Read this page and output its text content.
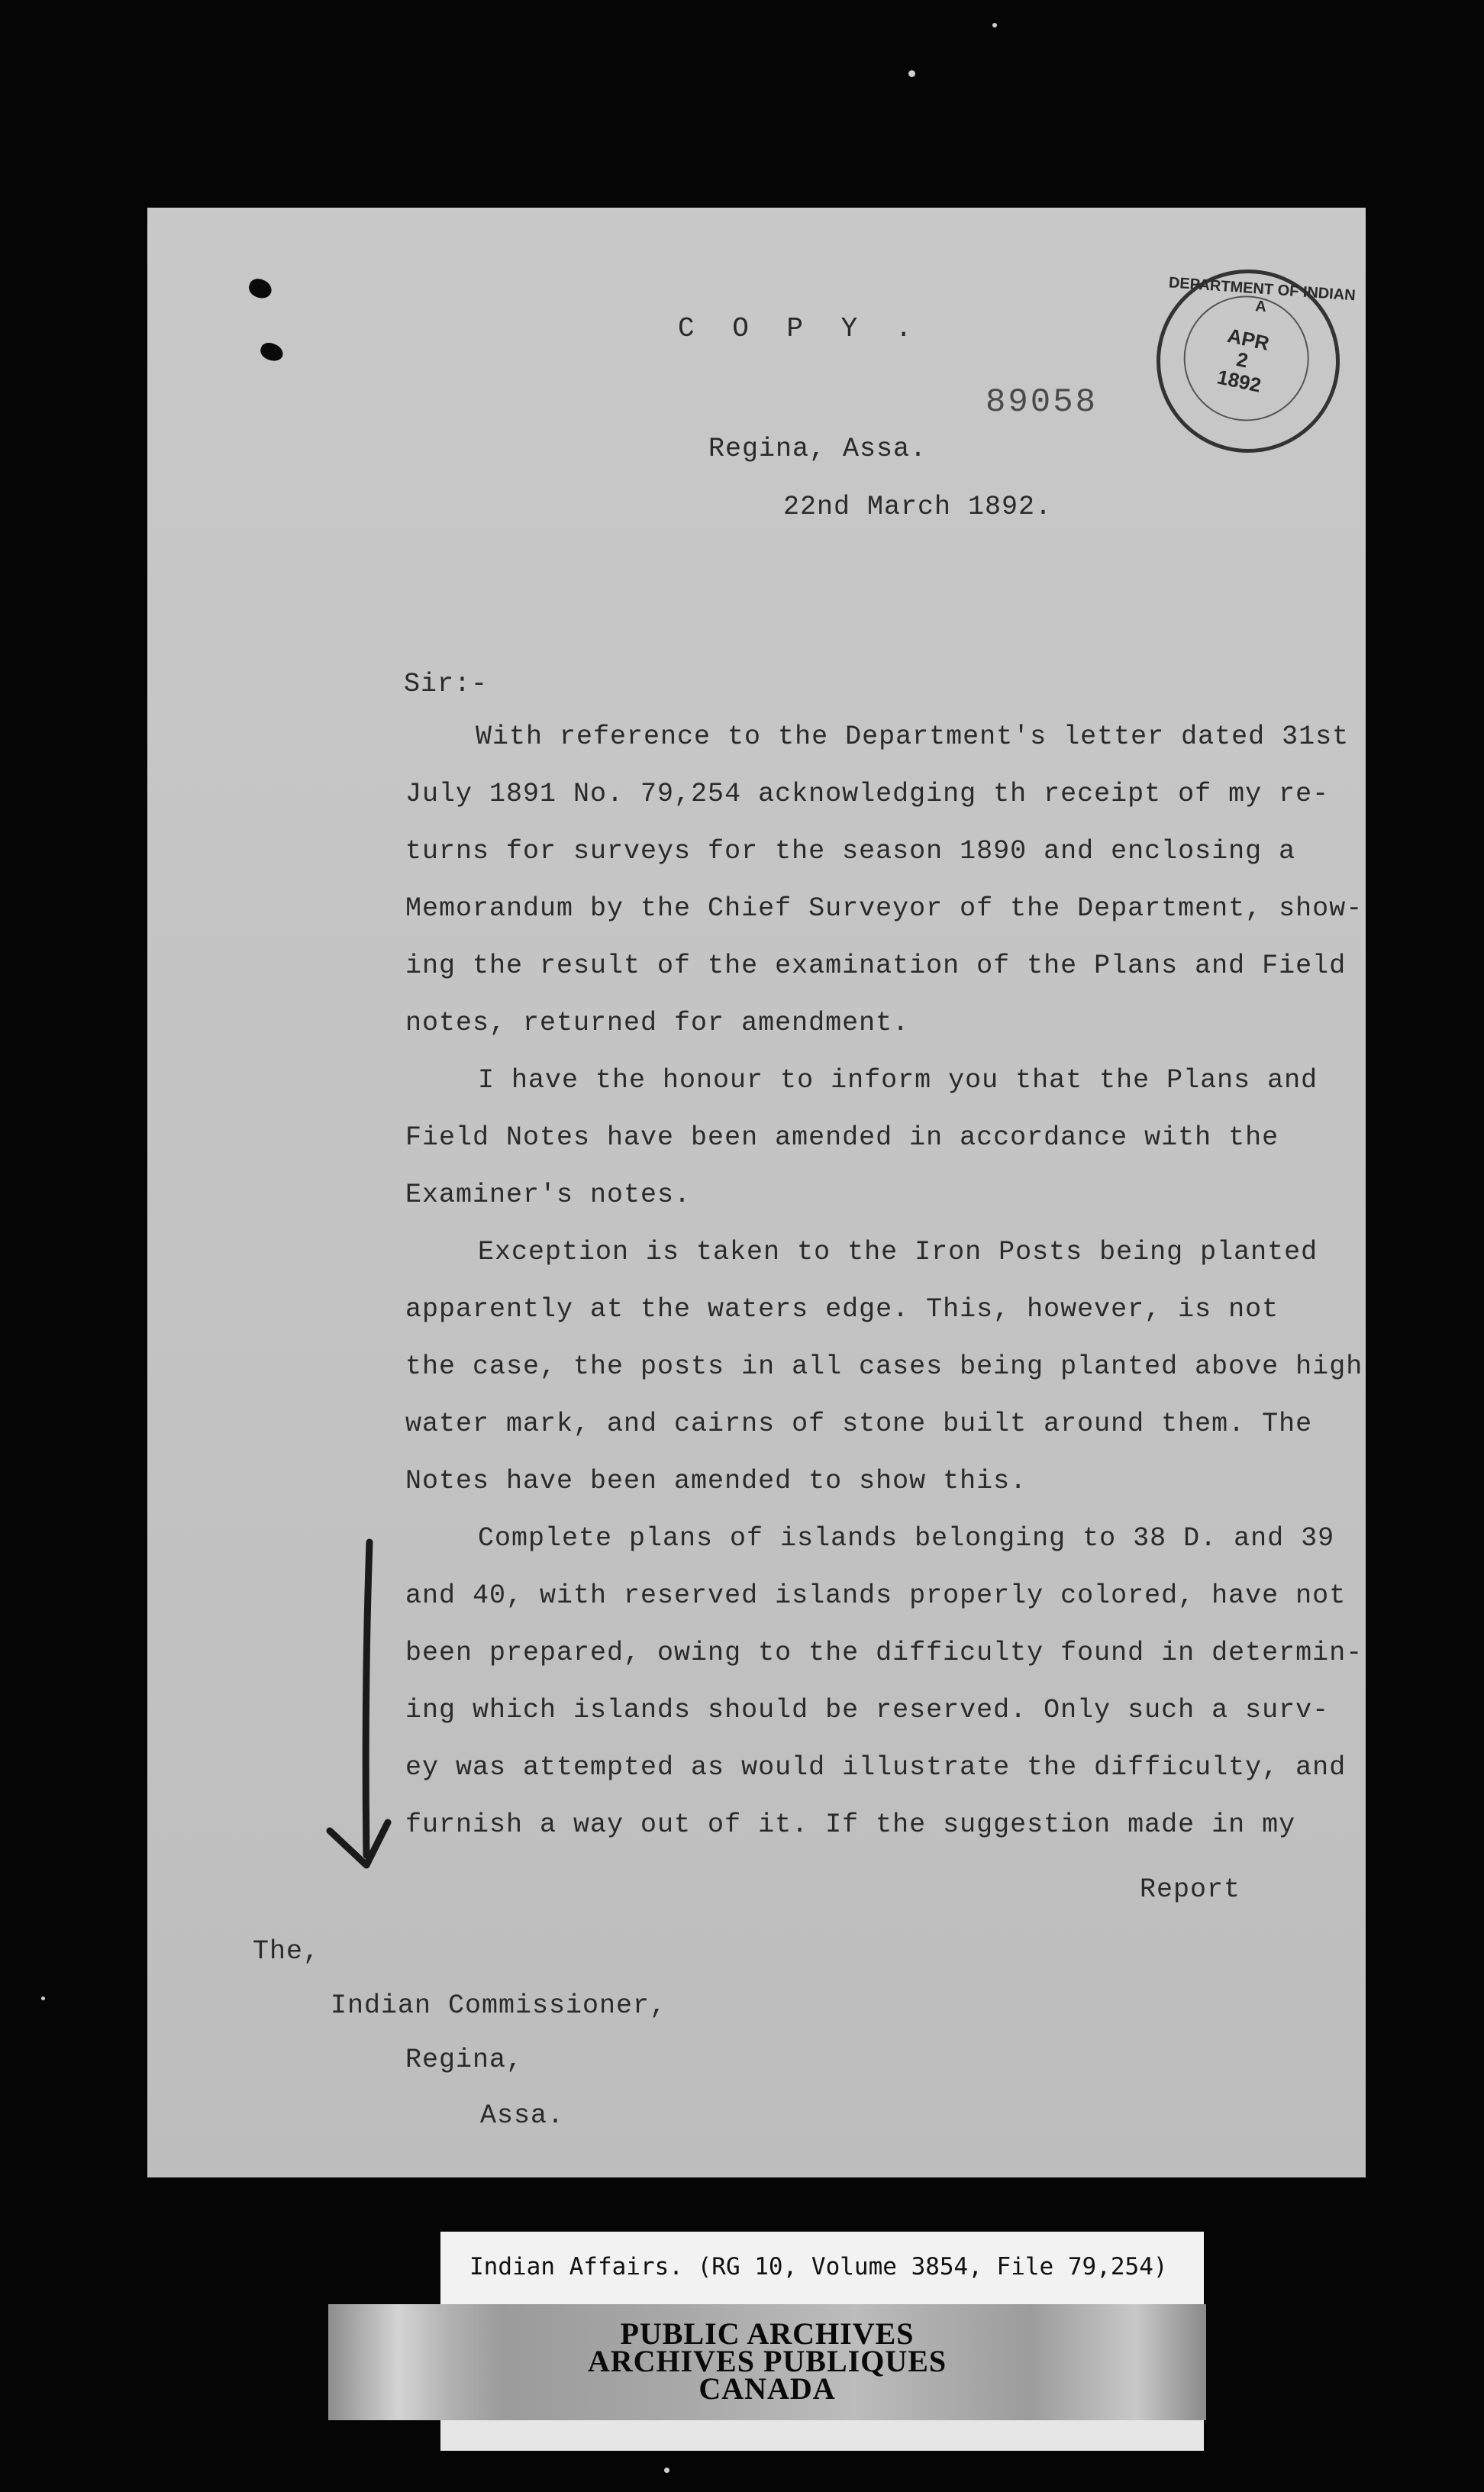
C O P Y .
89058
Regina, Assa.
22nd March 1892.
Sir:-
With reference to the Department's letter dated 31st
July 1891 No. 79,254 acknowledging th receipt of my re-
turns for surveys for the season 1890 and enclosing a
Memorandum by the Chief Surveyor of the Department, show-
ing the result of the examination of the Plans and Field
notes, returned for amendment.
I have the honour to inform you that the Plans and
Field Notes have been amended in accordance with the
Examiner's notes.
Exception is taken to the Iron Posts being planted
apparently at the waters edge. This, however, is not
the case, the posts in all cases being planted above high
water mark, and cairns of stone built around them. The
Notes have been amended to show this.
Complete plans of islands belonging to 38 D. and 39
and 40, with reserved islands properly colored, have not
been prepared, owing to the difficulty found in determin-
ing which islands should be reserved. Only such a surv-
ey was attempted as would illustrate the difficulty, and
furnish a way out of it. If the suggestion made in my
Report
The,
Indian Commissioner,
Regina,
Assa.
DEPARTMENT OF INDIAN A
APR
2
1892
Indian Affairs. (RG 10, Volume 3854, File 79,254)
PUBLIC ARCHIVES
ARCHIVES PUBLIQUES
CANADA
